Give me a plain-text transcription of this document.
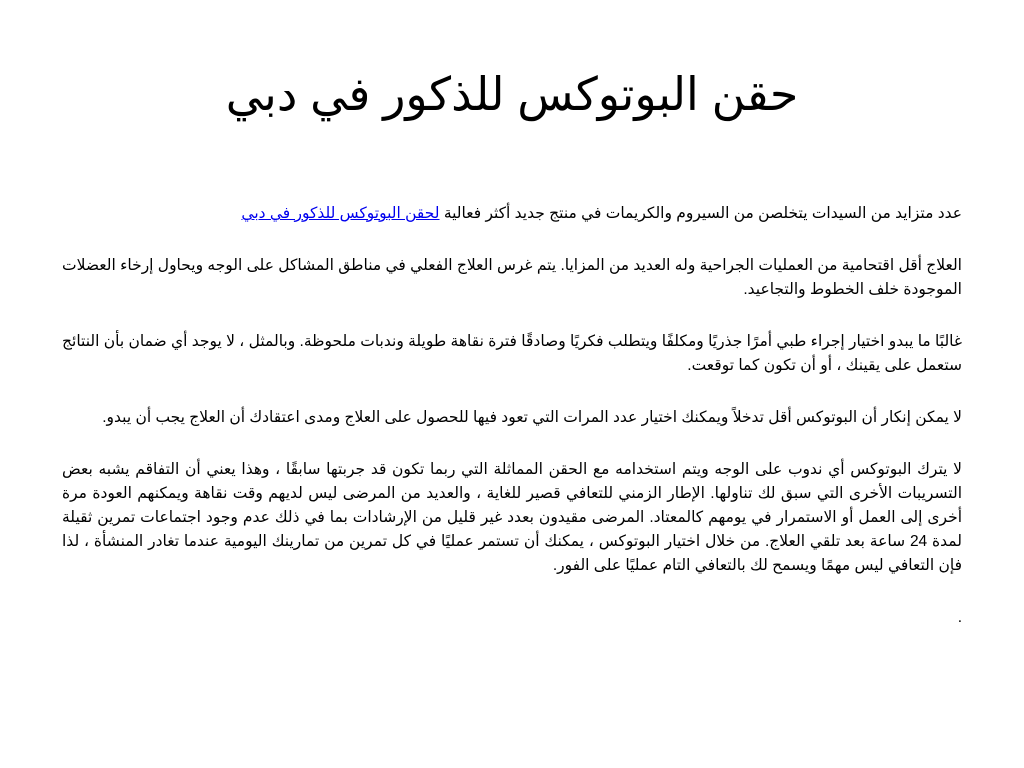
حقن البوتوكس للذكور في دبي

عدد متزايد من السيدات يتخلصن من السيروم والكريمات في منتج جديد أكثر فعالية لحقن البوتوكس للذكور في دبي

العلاج أقل اقتحامية من العمليات الجراحية وله العديد من المزايا. يتم غرس العلاج الفعلي في مناطق المشاكل على الوجه ويحاول إرخاء العضلات الموجودة خلف الخطوط والتجاعيد.

غالبًا ما يبدو اختيار إجراء طبي أمرًا جذريًا ومكلفًا ويتطلب فكريًا وصادقًا فترة نقاهة طويلة وندبات ملحوظة. وبالمثل ، لا يوجد أي ضمان بأن النتائج ستعمل على يقينك ، أو أن تكون كما توقعت.

لا يمكن إنكار أن البوتوكس أقل تدخلاً ويمكنك اختيار عدد المرات التي تعود فيها للحصول على العلاج ومدى اعتقادك أن العلاج يجب أن يبدو.

لا يترك البوتوكس أي ندوب على الوجه ويتم استخدامه مع الحقن المماثلة التي ربما تكون قد جربتها سابقًا ، وهذا يعني أن التفاقم يشبه بعض التسريبات الأخرى التي سبق لك تناولها. الإطار الزمني للتعافي قصير للغاية ، والعديد من المرضى ليس لديهم وقت نقاهة ويمكنهم العودة مرة أخرى إلى العمل أو الاستمرار في يومهم كالمعتاد. المرضى مقيدون بعدد غير قليل من الإرشادات بما في ذلك عدم وجود اجتماعات تمرين ثقيلة لمدة 24 ساعة بعد تلقي العلاج. من خلال اختيار البوتوكس ، يمكنك أن تستمر عمليًا في كل تمرين من تمارينك اليومية عندما تغادر المنشأة ، لذا فإن التعافي ليس مهمًا ويسمح لك بالتعافي التام عمليًا على الفور.

.
